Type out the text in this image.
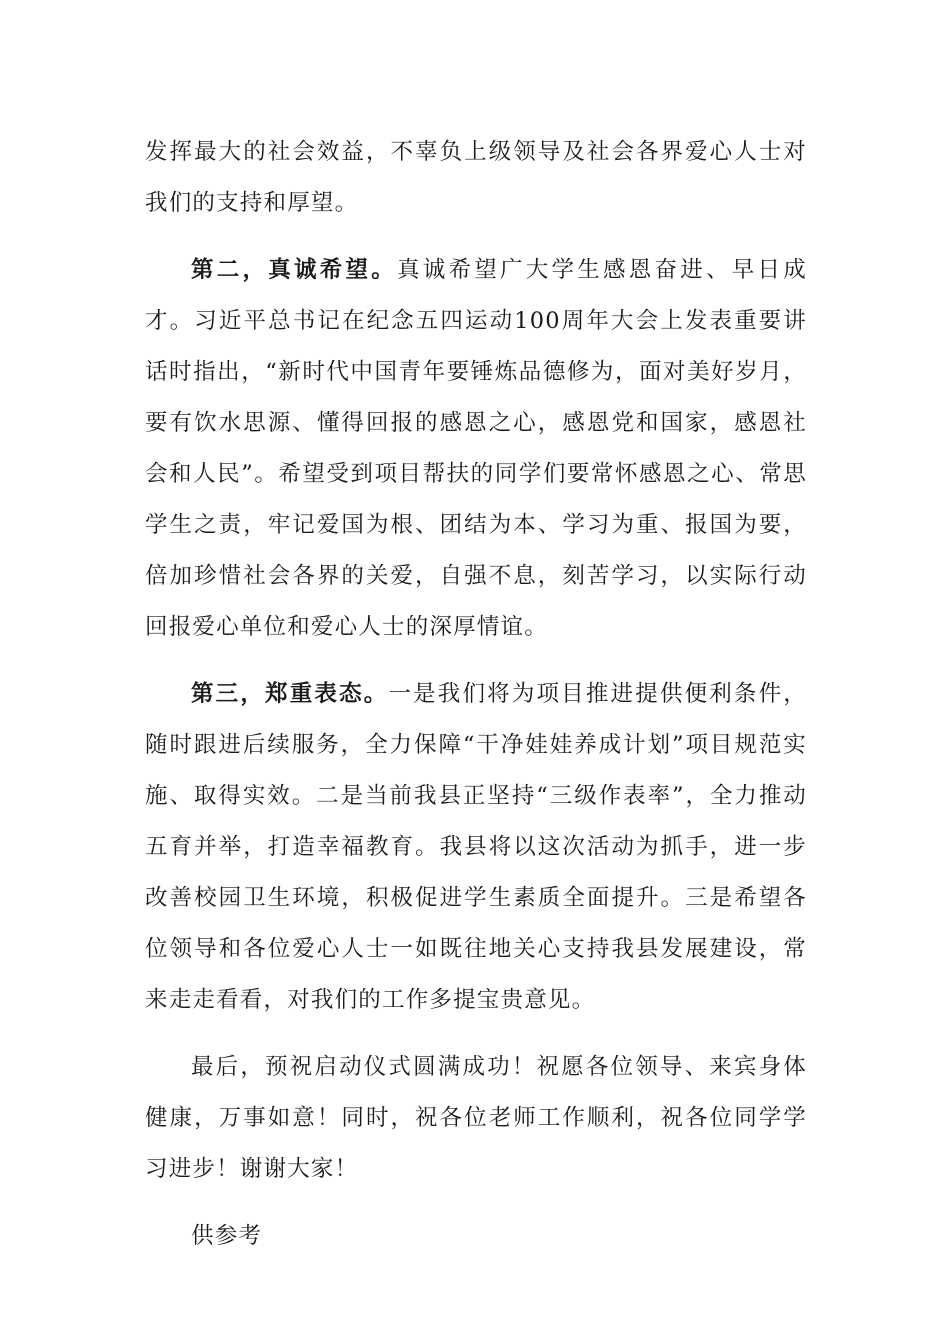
发挥最大的社会效益，不辜负上级领导及社会各界爱心人士对我们的支持和厚望。

第二，真诚希望。真诚希望广大学生感恩奋进、早日成才。习近平总书记在纪念五四运动100周年大会上发表重要讲话时指出，“新时代中国青年要锤炼品德修为，面对美好岁月，要有饮水思源、懂得回报的感恩之心，感恩党和国家，感恩社会和人民”。希望受到项目帮扶的同学们要常怀感恩之心、常思学生之责，牢记爱国为根、团结为本、学习为重、报国为要，倍加珍惜社会各界的关爱，自强不息，刻苦学习，以实际行动回报爱心单位和爱心人士的深厚情谊。

第三，郑重表态。一是我们将为项目推进提供便利条件，随时跟进后续服务，全力保障“干净娃娃养成计划”项目规范实施、取得实效。二是当前我县正坚持“三级作表率”，全力推动五育并举，打造幸福教育。我县将以这次活动为抓手，进一步改善校园卫生环境，积极促进学生素质全面提升。三是希望各位领导和各位爱心人士一如既往地关心支持我县发展建设，常来走走看看，对我们的工作多提宝贵意见。

最后，预祝启动仪式圆满成功！祝愿各位领导、来宾身体健康，万事如意！同时，祝各位老师工作顺利，祝各位同学学习进步！谢谢大家！

供参考
